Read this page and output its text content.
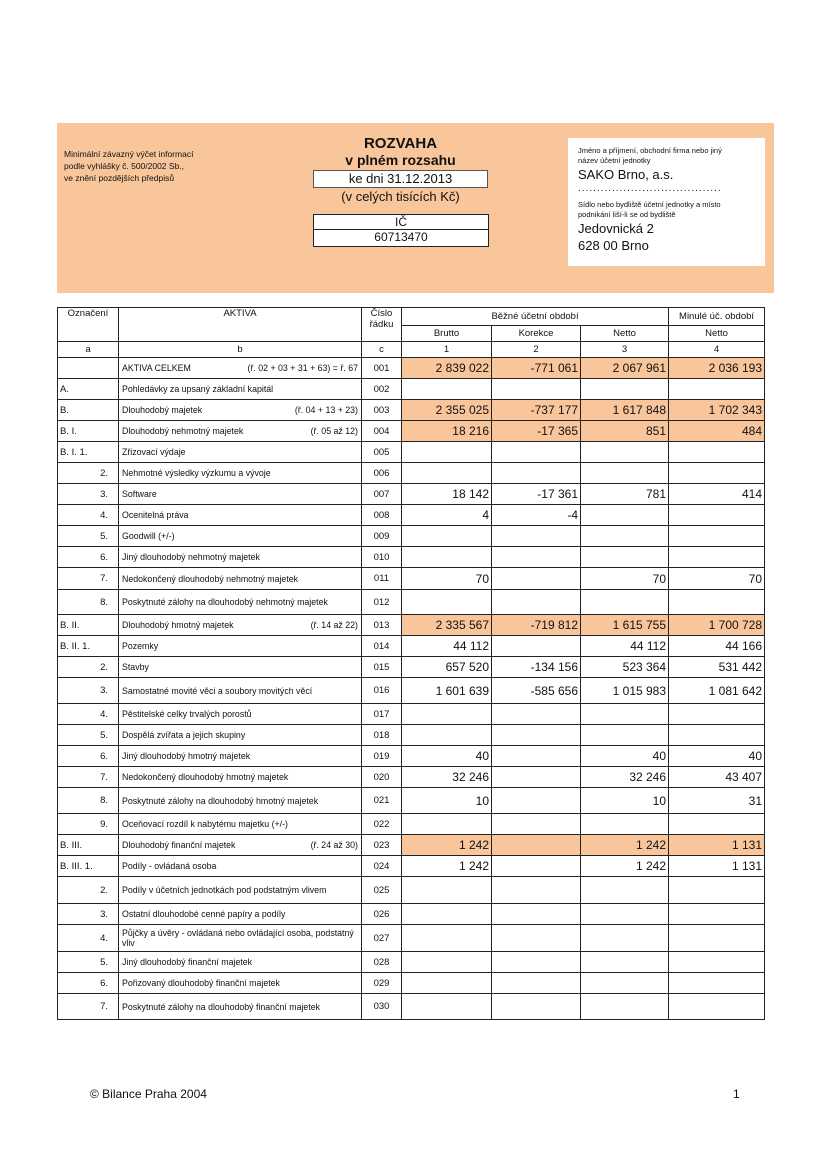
Minimální závazný výčet informací
podle vyhlášky č. 500/2002 Sb.,
ve znění pozdějších předpisů
ROZVAHA
v plném rozsahu
ke dni 31.12.2013
(v celých tisících Kč)
IČ
60713470
Jméno a příjmení, obchodní firma nebo jiný
název účetní jednotky
SAKO Brno, a.s.
......................................
Sídlo nebo bydliště účetní jednotky a místo
podnikání liší-li se od bydliště
Jedovnická 2
628 00 Brno
Označení	AKTIVA	Číslo
řádku	Běžné účetní období			Minulé úč. období
			Brutto	Korekce	Netto	Netto
a	b	c	1	2	3	4

	AKTIVA CELKEM (ř. 02 + 03 + 31 + 63) = ř. 67	001	2 839 022	-771 061	2 067 961	2 036 193
A.	Pohledávky za upsaný základní kapitál	002				
B.	Dlouhodobý majetek (ř. 04 + 13 + 23)	003	2 355 025	-737 177	1 617 848	1 702 343
B. I.	Dlouhodobý nehmotný majetek (ř. 05 až 12)	004	18 216	-17 365	851	484
B. I. 1.	Zřizovací výdaje	005				
2.	Nehmotné výsledky výzkumu a vývoje	006				
3.	Software	007	18 142	-17 361	781	414
4.	Ocenitelná práva	008	4	-4		
5.	Goodwill (+/-)	009				
6.	Jiný dlouhodobý nehmotný majetek	010				
7.	Nedokončený dlouhodobý nehmotný majetek	011	70		70	70
8.	Poskytnuté zálohy na dlouhodobý nehmotný majetek	012				
B. II.	Dlouhodobý hmotný majetek (ř. 14 až 22)	013	2 335 567	-719 812	1 615 755	1 700 728
B. II. 1.	Pozemky	014	44 112		44 112	44 166
2.	Stavby	015	657 520	-134 156	523 364	531 442
3.	Samostatné movité věci a soubory movitých věcí	016	1 601 639	-585 656	1 015 983	1 081 642
4.	Pěstitelské celky trvalých porostů	017				
5.	Dospělá zvířata a jejich skupiny	018				
6.	Jiný dlouhodobý hmotný majetek	019	40		40	40
7.	Nedokončený dlouhodobý hmotný majetek	020	32 246		32 246	43 407
8.	Poskytnuté zálohy na dlouhodobý hmotný majetek	021	10		10	31
9.	Oceňovací rozdíl k nabytému majetku (+/-)	022				
B. III.	Dlouhodobý finanční majetek (ř. 24 až 30)	023	1 242		1 242	1 131
B. III. 1.	Podíly - ovládaná osoba	024	1 242		1 242	1 131
2.	Podíly v účetních jednotkách pod podstatným vlivem	025				
3.	Ostatní dlouhodobé cenné papíry a podíly	026				
4.	Půjčky a úvěry - ovládaná nebo ovládající osoba, podstatný vliv	027				
5.	Jiný dlouhodobý finanční majetek	028				
6.	Pořizovaný dlouhodobý finanční majetek	029				
7.	Poskytnuté zálohy na dlouhodobý finanční majetek	030				
© Bilance Praha 2004	1
